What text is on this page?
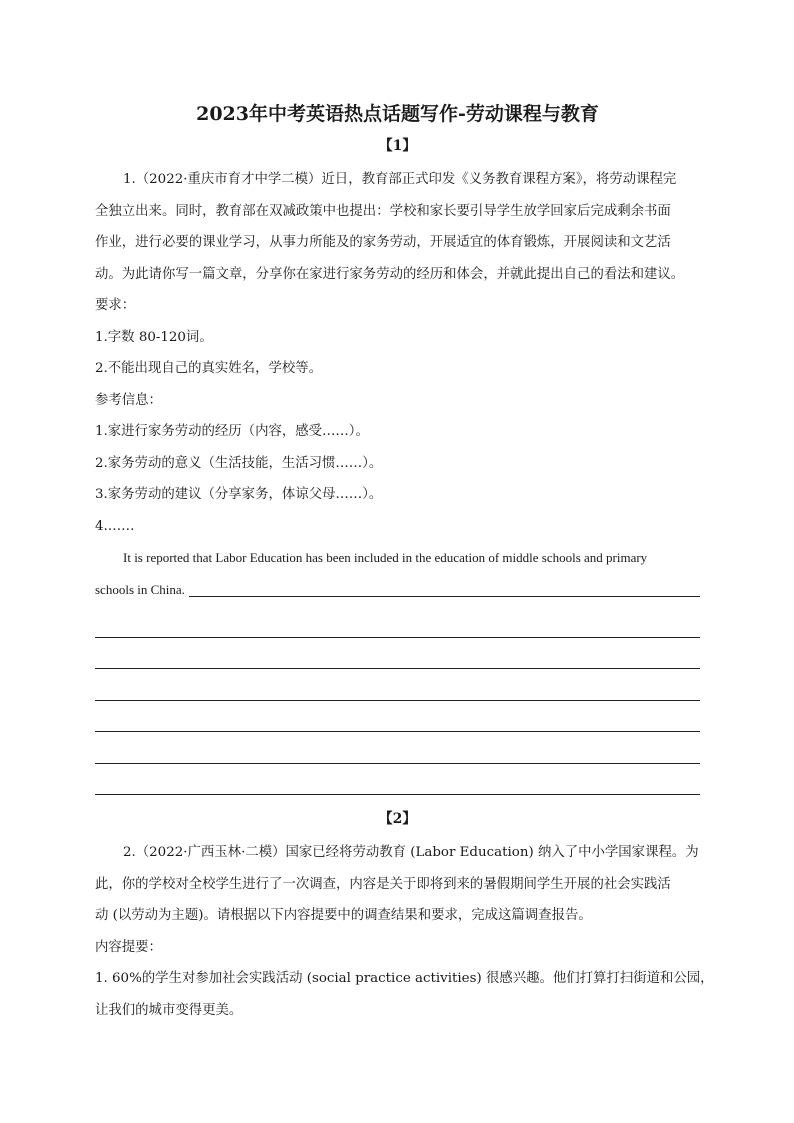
2023年中考英语热点话题写作-劳动课程与教育
【1】

1.（2022·重庆市育才中学二模）近日，教育部正式印发《义务教育课程方案》，将劳动课程完

全独立出来。同时，教育部在双减政策中也提出：学校和家长要引导学生放学回家后完成剩余书面

作业，进行必要的课业学习，从事力所能及的家务劳动，开展适宜的体育锻炼，开展阅读和文艺活

动。为此请你写一篇文章，分享你在家进行家务劳动的经历和体会，并就此提出自己的看法和建议。

要求：

1.字数 80-120词。

2.不能出现自己的真实姓名，学校等。

参考信息：

1.家进行家务劳动的经历（内容，感受……）。

2.家务劳动的意义（生活技能，生活习惯……）。

3.家务劳动的建议（分享家务，体谅父母……）。

4.……

It is reported that Labor Education has been included in the education of middle schools and primary

schools in China.
【2】

2.（2022·广西玉林·二模）国家已经将劳动教育 (Labor Education) 纳入了中小学国家课程。为

此，你的学校对全校学生进行了一次调查，内容是关于即将到来的暑假期间学生开展的社会实践活

动 (以劳动为主题)。请根据以下内容提要中的调查结果和要求，完成这篇调查报告。

内容提要：

1. 60%的学生对参加社会实践活动 (social practice activities) 很感兴趣。他们打算打扫街道和公园，

让我们的城市变得更美。
